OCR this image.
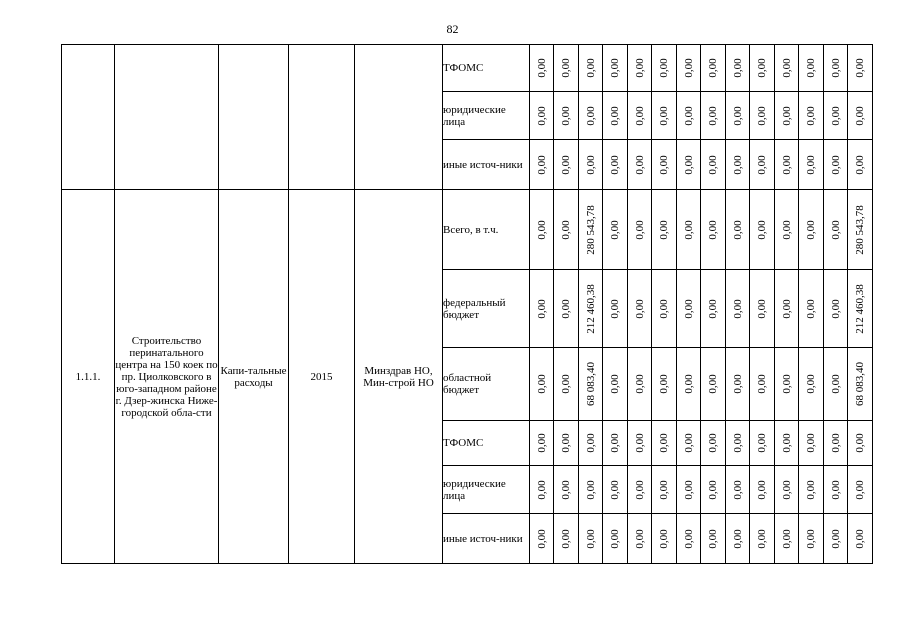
82
					ТФОМС	0,00	0,00	0,00	0,00	0,00	0,00	0,00	0,00	0,00	0,00	0,00	0,00	0,00	0,00

					юридические лица	0,00	0,00	0,00	0,00	0,00	0,00	0,00	0,00	0,00	0,00	0,00	0,00	0,00	0,00

					иные источ-ники	0,00	0,00	0,00	0,00	0,00	0,00	0,00	0,00	0,00	0,00	0,00	0,00	0,00	0,00

1.1.1.	Строительство перинатального центра на 150 коек по пр. Циолковского в юго-западном районе г. Дзер-жинска Ниже-городской обла-сти	Капи-тальные расходы	2015	Минздрав НО, Мин-строй НО	Всего, в т.ч.	0,00	0,00	280 543,78	0,00	0,00	0,00	0,00	0,00	0,00	0,00	0,00	0,00	0,00	280 543,78

					федеральный бюджет	0,00	0,00	212 460,38	0,00	0,00	0,00	0,00	0,00	0,00	0,00	0,00	0,00	0,00	212 460,38

					областной бюджет	0,00	0,00	68 083,40	0,00	0,00	0,00	0,00	0,00	0,00	0,00	0,00	0,00	0,00	68 083,40

					ТФОМС	0,00	0,00	0,00	0,00	0,00	0,00	0,00	0,00	0,00	0,00	0,00	0,00	0,00	0,00

					юридические лица	0,00	0,00	0,00	0,00	0,00	0,00	0,00	0,00	0,00	0,00	0,00	0,00	0,00	0,00

					иные источ-ники	0,00	0,00	0,00	0,00	0,00	0,00	0,00	0,00	0,00	0,00	0,00	0,00	0,00	0,00
